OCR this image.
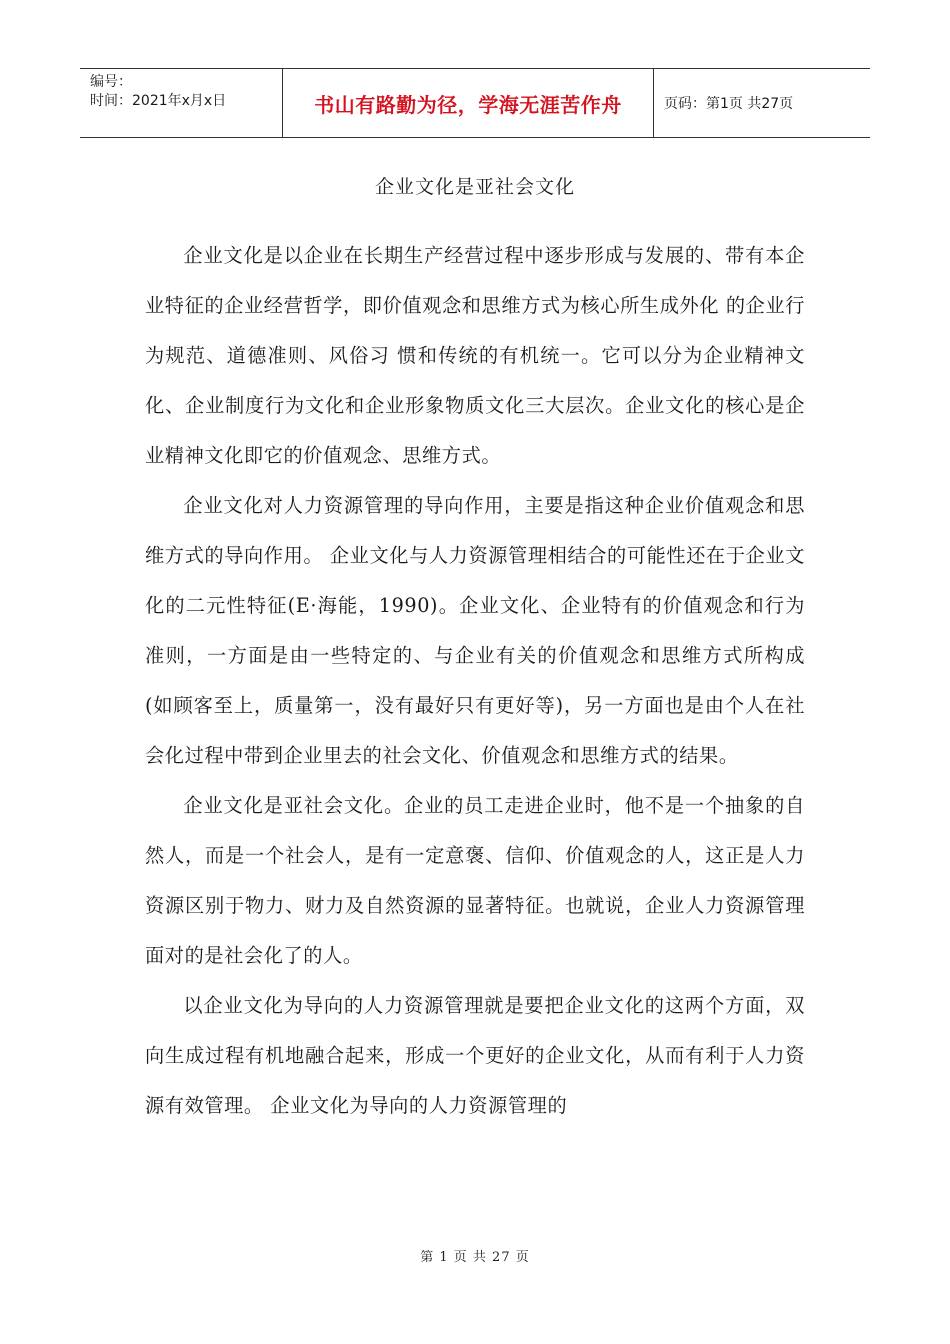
编号：
时间：2021年x月x日	书山有路勤为径，学海无涯苦作舟	页码：第1页 共27页
企业文化是亚社会文化

企业文化是以企业在长期生产经营过程中逐步形成与发展的、带有本企业特征的企业经营哲学，即价值观念和思维方式为核心所生成外化 的企业行为规范、道德准则、风俗习 惯和传统的有机统一。它可以分为企业精神文化、企业制度行为文化和企业形象物质文化三大层次。企业文化的核心是企业精神文化即它的价值观念、思维方式。

企业文化对人力资源管理的导向作用，主要是指这种企业价值观念和思维方式的导向作用。 企业文化与人力资源管理相结合的可能性还在于企业文化的二元性特征(E·海能，1990)。企业文化、企业特有的价值观念和行为准则，一方面是由一些特定的、与企业有关的价值观念和思维方式所构成(如顾客至上，质量第一，没有最好只有更好等)，另一方面也是由个人在社会化过程中带到企业里去的社会文化、价值观念和思维方式的结果。

企业文化是亚社会文化。企业的员工走进企业时，他不是一个抽象的自然人，而是一个社会人，是有一定意褒、信仰、价值观念的人，这正是人力资源区别于物力、财力及自然资源的显著特征。也就说，企业人力资源管理面对的是社会化了的人。

以企业文化为导向的人力资源管理就是要把企业文化的这两个方面，双向生成过程有机地融合起来，形成一个更好的企业文化，从而有利于人力资源有效管理。 企业文化为导向的人力资源管理的

第 1 页 共 27 页
